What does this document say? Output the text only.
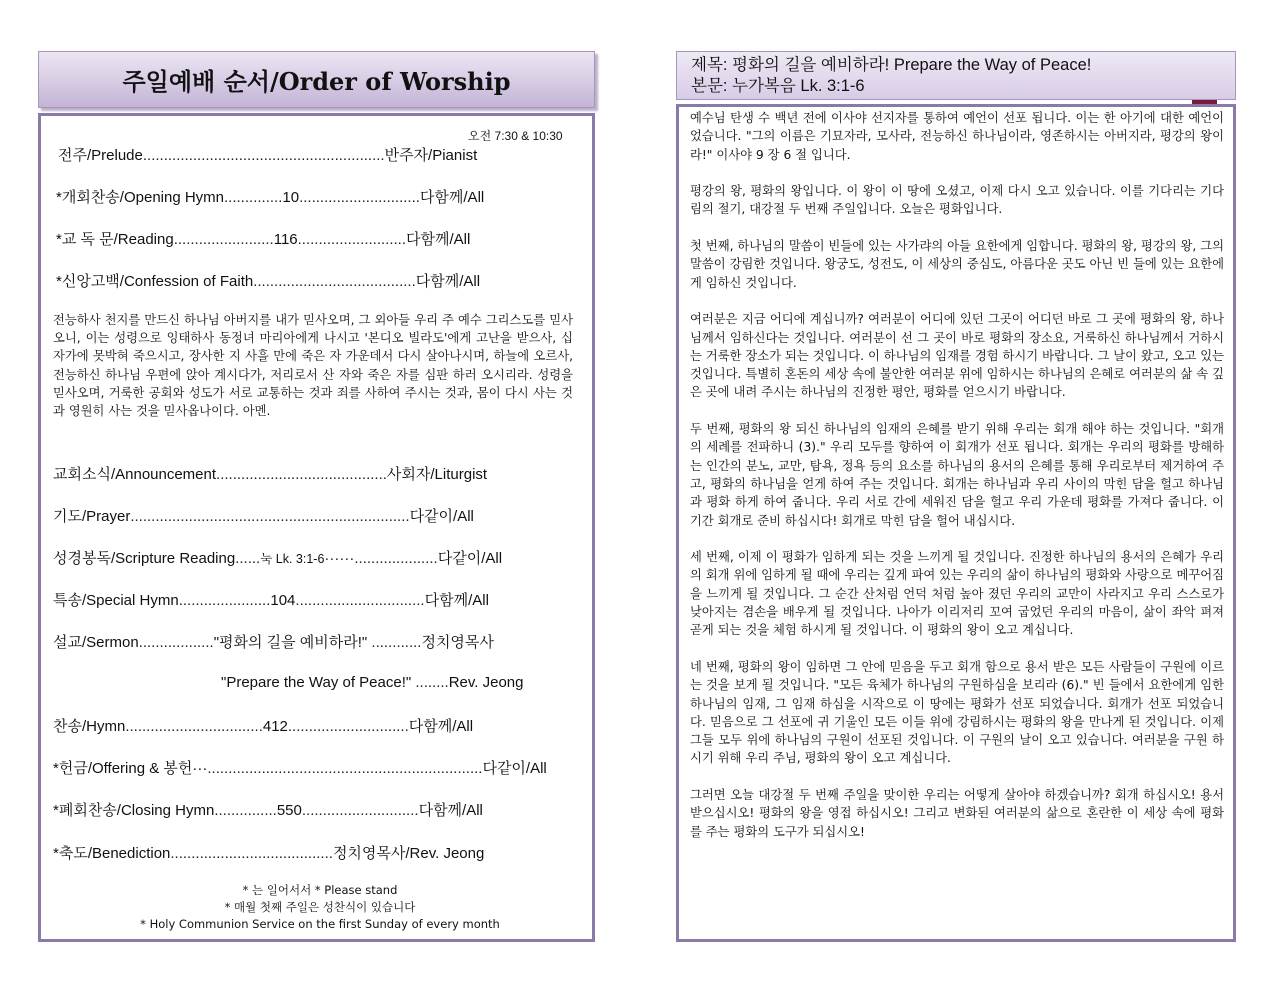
주일예배 순서/Order of Worship
오전 7:30 & 10:30
전주/Prelude .......................................................... 반주자/Pianist
*개회찬송/Opening Hymn .............. 10 ............................. 다함께/All
*교 독 문/Reading ........................ 116 .......................... 다함께/All
*신앙고백/Confession of Faith ....................................... 다함께/All
전능하사 천지를 만드신 하나님 아버지를 내가 믿사오며, 그 외아들 우리 주 예수 그리스도를 믿사오니, 이는 성령으로 잉태하사 동정녀 마리아에게 나시고 '본디오 빌라도'에게 고난을 받으사, 십자가에 못박혀 죽으시고, 장사한 지 사흘 만에 죽은 자 가운데서 다시 살아나시며, 하늘에 오르사, 전능하신 하나님 우편에 앉아 계시다가, 저리로서 산 자와 죽은 자를 심판 하러 오시리라. 성령을 믿사오며, 거룩한 공회와 성도가 서로 교통하는 것과 죄를 사하여 주시는 것과, 몸이 다시 사는 것과 영원히 사는 것을 믿사옵나이다. 아멘.
교회소식/Announcement ......................................... 사회자/Liturgist
기도/Prayer ................................................................... 다같이/All
성경봉독/Scripture Reading ...... 눅 Lk. 3:1-6 ······.................... 다같이/All
특송/Special Hymn ...................... 104 ............................... 다함께/All
설교/Sermon .................. "평화의 길을 예비하라!" ............ 정치영목사
"Prepare the Way of Peace!" ........ Rev. Jeong
찬송/Hymn ................................. 412 ............................. 다함께/All
*헌금/Offering & 봉헌··· .................................................................. 다같이/All
*폐회찬송/Closing Hymn ............... 550 ............................ 다함께/All
*축도/Benediction ....................................... 정치영목사/Rev. Jeong
* 는 일어서서 * Please stand
* 매월 첫째 주일은 성찬식이 있습니다
* Holy Communion Service on the first Sunday of every month
제목: 평화의 길을 예비하라! Prepare the Way of Peace!
본문: 누가복음 Lk. 3:1-6

예수님 탄생 수 백년 전에 이사야 선지자를 통하여 예언이 선포 됩니다. 이는 한 아기에 대한 예언이었습니다. "그의 이름은 기묘자라, 모사라, 전능하신 하나님이라, 영존하시는 아버지라, 평강의 왕이라!" 이사야 9 장 6 절 입니다.

평강의 왕, 평화의 왕입니다. 이 왕이 이 땅에 오셨고, 이제 다시 오고 있습니다. 이를 기다리는 기다림의 절기, 대강절 두 번째 주일입니다. 오늘은 평화입니다.

첫 번째, 하나님의 말씀이 빈들에 있는 사가랴의 아들 요한에게 임합니다. 평화의 왕, 평강의 왕, 그의 말씀이 강림한 것입니다. 왕궁도, 성전도, 이 세상의 중심도, 아름다운 곳도 아닌 빈 들에 있는 요한에게 임하신 것입니다.

여러분은 지금 어디에 계십니까? 여러분이 어디에 있던 그곳이 어디던 바로 그 곳에 평화의 왕, 하나님께서 임하신다는 것입니다. 여러분이 선 그 곳이 바로 평화의 장소요, 거룩하신 하나님께서 거하시는 거룩한 장소가 되는 것입니다. 이 하나님의 임재를 경험 하시기 바랍니다. 그 날이 왔고, 오고 있는 것입니다. 특별히 혼돈의 세상 속에 불안한 여러분 위에 임하시는 하나님의 은혜로 여러분의 삶 속 깊은 곳에 내려 주시는 하나님의 진정한 평안, 평화를 얻으시기 바랍니다.

두 번째, 평화의 왕 되신 하나님의 임재의 은혜를 받기 위해 우리는 회개 해야 하는 것입니다. "회개의 세례를 전파하니 (3)." 우리 모두를 향하여 이 회개가 선포 됩니다. 회개는 우리의 평화를 방해하는 인간의 분노, 교만, 탐욕, 정욕 등의 요소를 하나님의 용서의 은혜를 통해 우리로부터 제거하여 주고, 평화의 하나님을 얻게 하여 주는 것입니다. 회개는 하나님과 우리 사이의 막힌 담을 헐고 하나님과 평화 하게 하여 줍니다. 우리 서로 간에 세워진 담을 헐고 우리 가운데 평화를 가져다 줍니다. 이 기간 회개로 준비 하십시다! 회개로 막힌 담을 헐어 내십시다.

세 번째, 이제 이 평화가 임하게 되는 것을 느끼게 될 것입니다. 진정한 하나님의 용서의 은혜가 우리의 회개 위에 임하게 될 때에 우리는 깊게 파여 있는 우리의 삶이 하나님의 평화와 사랑으로 메꾸어짐을 느끼게 될 것입니다. 그 순간 산처럼 언덕 처럼 높아 졌던 우리의 교만이 사라지고 우리 스스로가 낮아지는 겸손을 배우게 될 것입니다. 나아가 이리저리 꼬여 굽었던 우리의 마음이, 삶이 좌악 펴져 곧게 되는 것을 체험 하시게 될 것입니다. 이 평화의 왕이 오고 계십니다.

네 번째, 평화의 왕이 임하면 그 안에 믿음을 두고 회개 함으로 용서 받은 모든 사람들이 구원에 이르는 것을 보게 될 것입니다. "모든 육체가 하나님의 구원하심을 보리라 (6)." 빈 들에서 요한에게 임한 하나님의 임재, 그 임재 하심을 시작으로 이 땅에는 평화가 선포 되었습니다. 회개가 선포 되었습니다. 믿음으로 그 선포에 귀 기울인 모든 이들 위에 강림하시는 평화의 왕을 만나게 된 것입니다. 이제 그들 모두 위에 하나님의 구원이 선포된 것입니다. 이 구원의 날이 오고 있습니다. 여러분을 구원 하시기 위해 우리 주님, 평화의 왕이 오고 계십니다.

그러면 오늘 대강절 두 번째 주일을 맞이한 우리는 어떻게 살아야 하겠습니까? 회개 하십시오! 용서 받으십시오! 평화의 왕을 영접 하십시오! 그리고 변화된 여러분의 삶으로 혼란한 이 세상 속에 평화를 주는 평화의 도구가 되십시오!
